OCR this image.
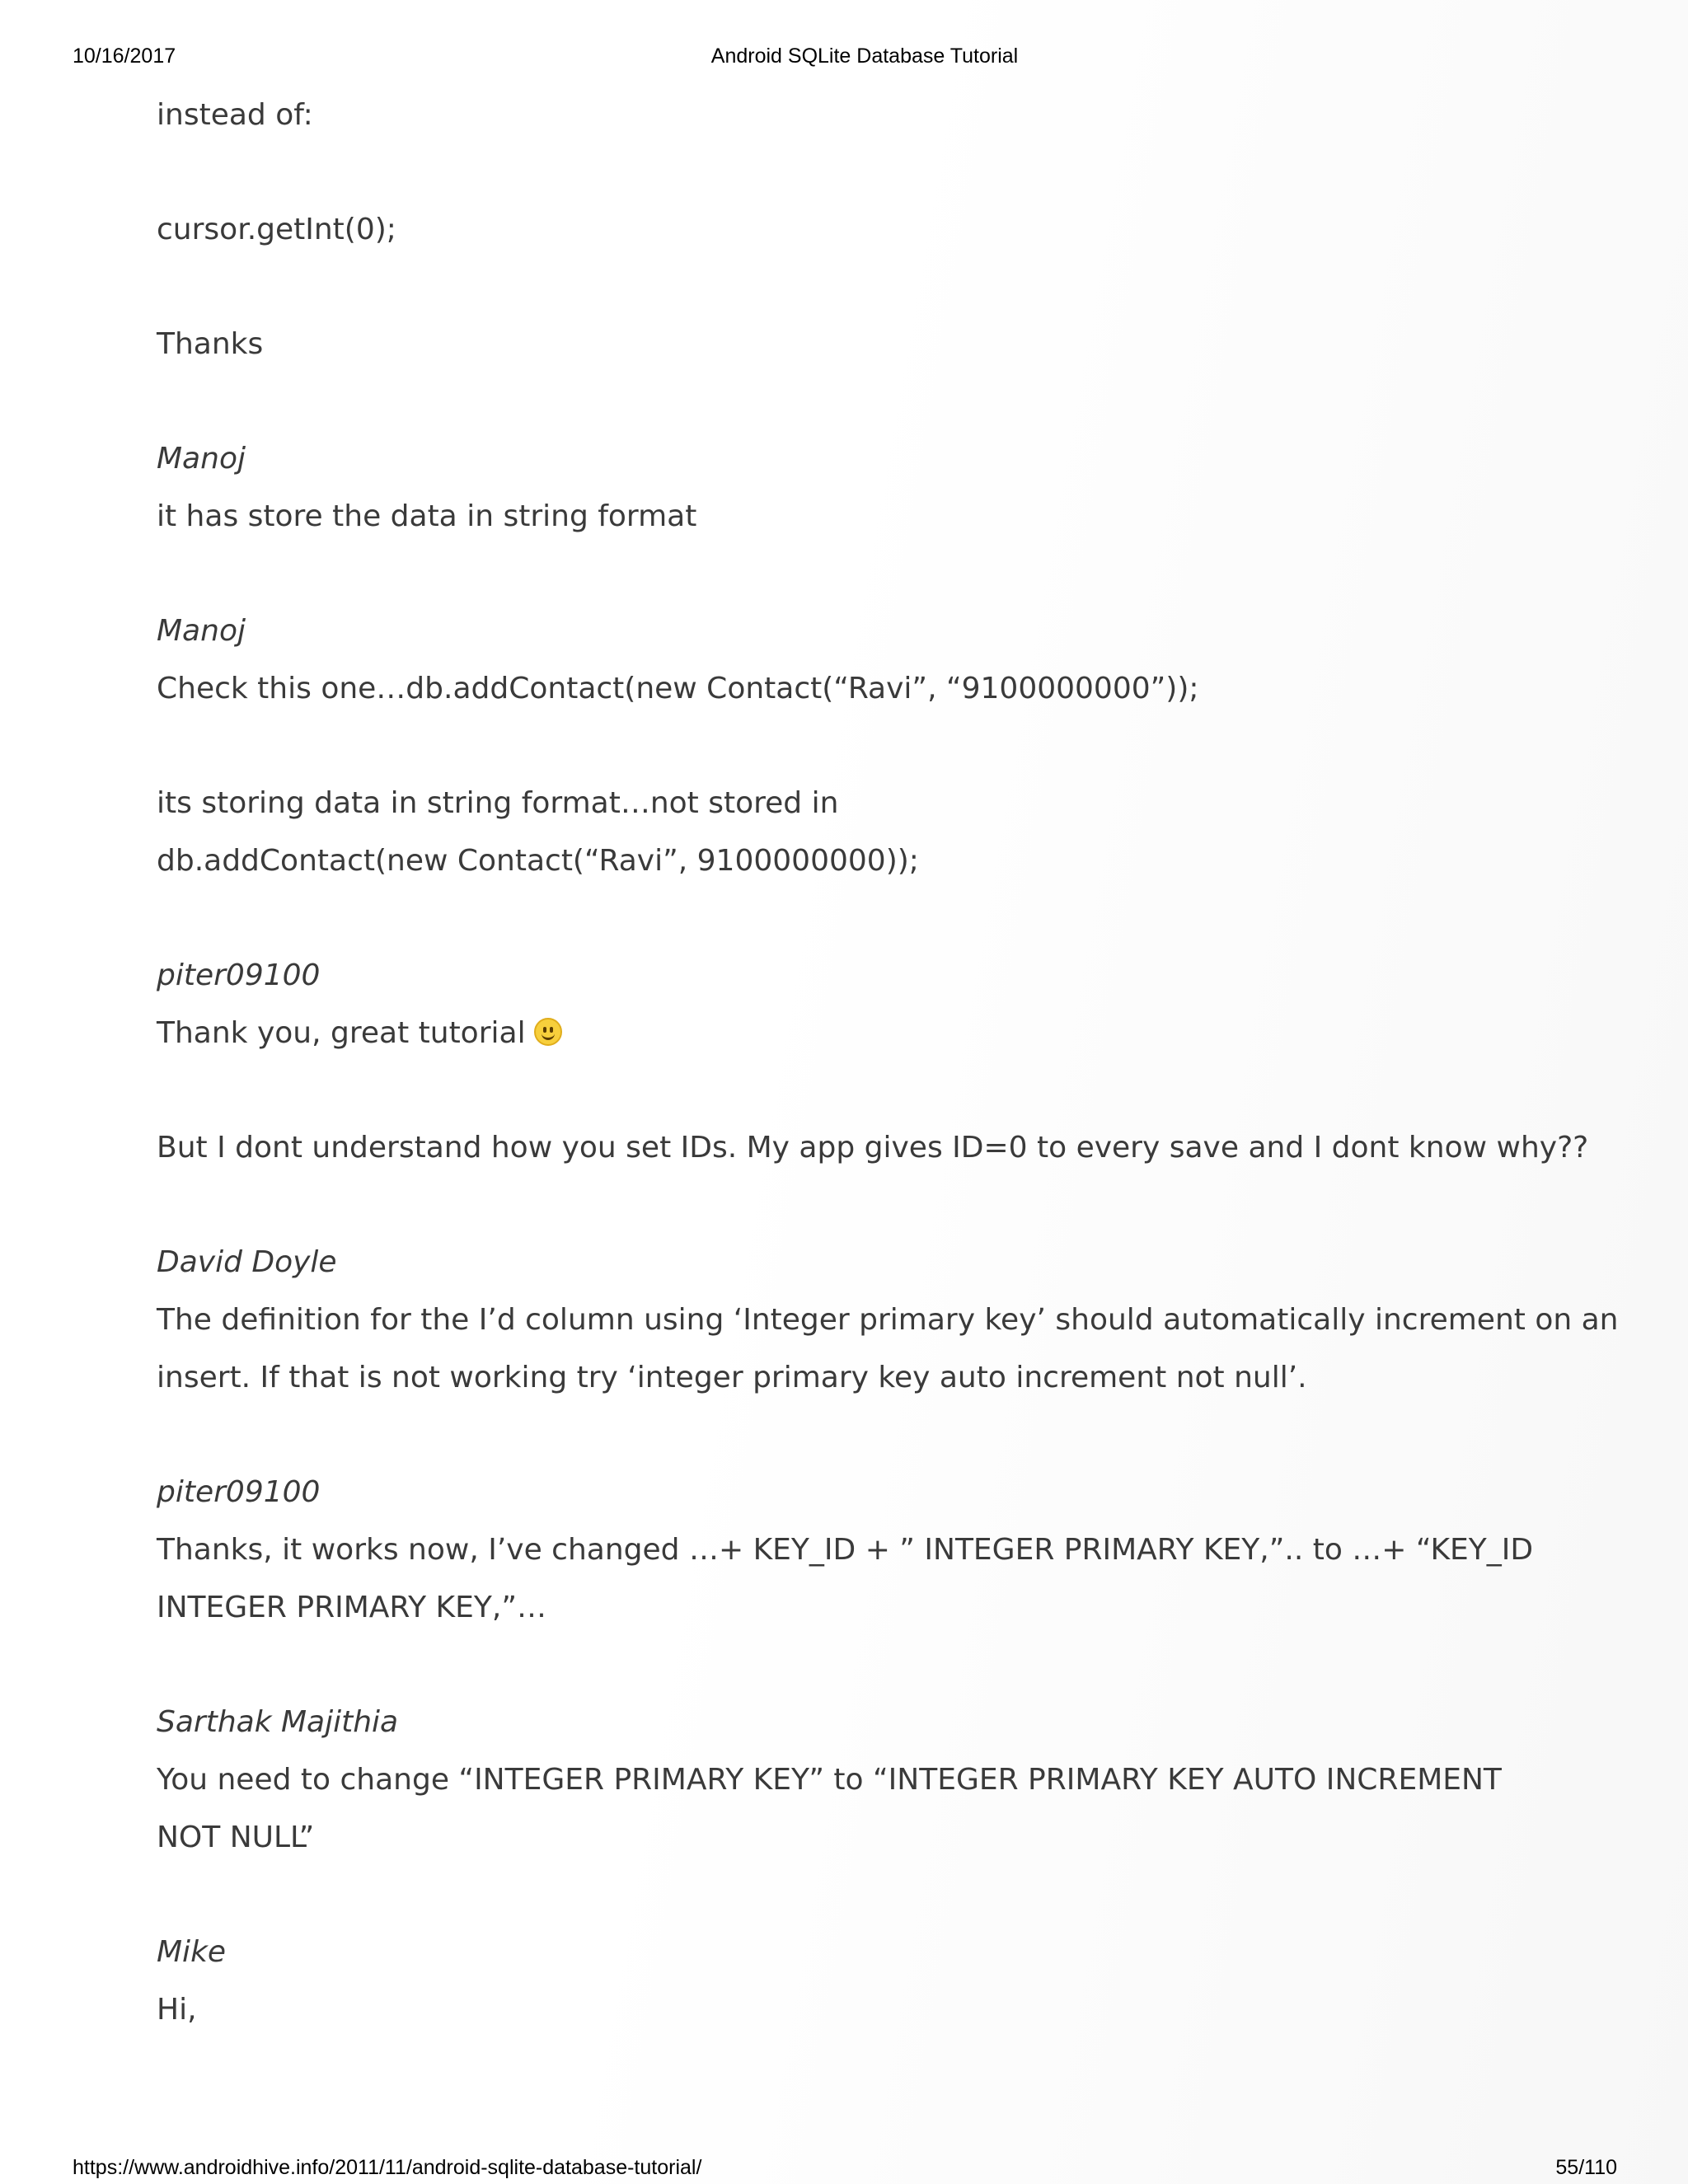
10/16/2017	Android SQLite Database Tutorial
instead of:
cursor.getInt(0);
Thanks
Manoj
it has store the data in string format
Manoj
Check this one…db.addContact(new Contact(“Ravi”, “9100000000”));
its storing data in string format…not stored in
db.addContact(new Contact(“Ravi”, 9100000000));
piter09100
Thank you, great tutorial
But I dont understand how you set IDs. My app gives ID=0 to every save and I dont know why??
David Doyle
The definition for the I’d column using ‘Integer primary key’ should automatically increment on an
insert. If that is not working try ‘integer primary key auto increment not null’.
piter09100
Thanks, it works now, I’ve changed …+ KEY_ID + ” INTEGER PRIMARY KEY,”.. to …+ “KEY_ID
INTEGER PRIMARY KEY,”…
Sarthak Majithia
You need to change “INTEGER PRIMARY KEY” to “INTEGER PRIMARY KEY AUTO INCREMENT
NOT NULL”
Mike
Hi,
https://www.androidhive.info/2011/11/android-sqlite-database-tutorial/	55/110
